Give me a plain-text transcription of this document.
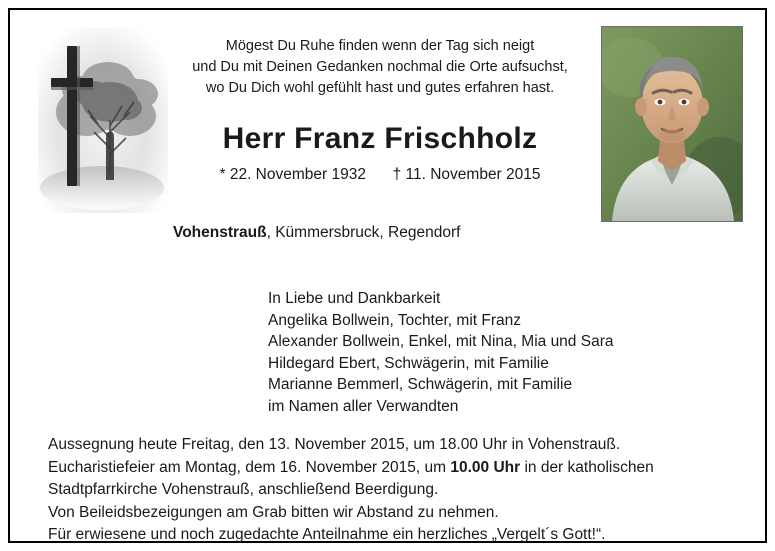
Mögest Du Ruhe finden wenn der Tag sich neigt
und Du mit Deinen Gedanken nochmal die Orte aufsuchst,
wo Du Dich wohl gefühlt hast und gutes erfahren hast.
Herr Franz Frischholz
* 22. November 1932 † 11. November 2015
Vohenstrauß, Kümmersbruck, Regendorf
In Liebe und Dankbarkeit
Angelika Bollwein, Tochter, mit Franz
Alexander Bollwein, Enkel, mit Nina, Mia und Sara
Hildegard Ebert, Schwägerin, mit Familie
Marianne Bemmerl, Schwägerin, mit Familie
im Namen aller Verwandten
Aussegnung heute Freitag, den 13. November 2015, um 18.00 Uhr in Vohenstrauß.
Eucharistiefeier am Montag, dem 16. November 2015, um 10.00 Uhr in der katholischen
Stadtpfarrkirche Vohenstrauß, anschließend Beerdigung.
Von Beileidsbezeigungen am Grab bitten wir Abstand zu nehmen.
Für erwiesene und noch zugedachte Anteilnahme ein herzliches „Vergelt´s Gott!“.
